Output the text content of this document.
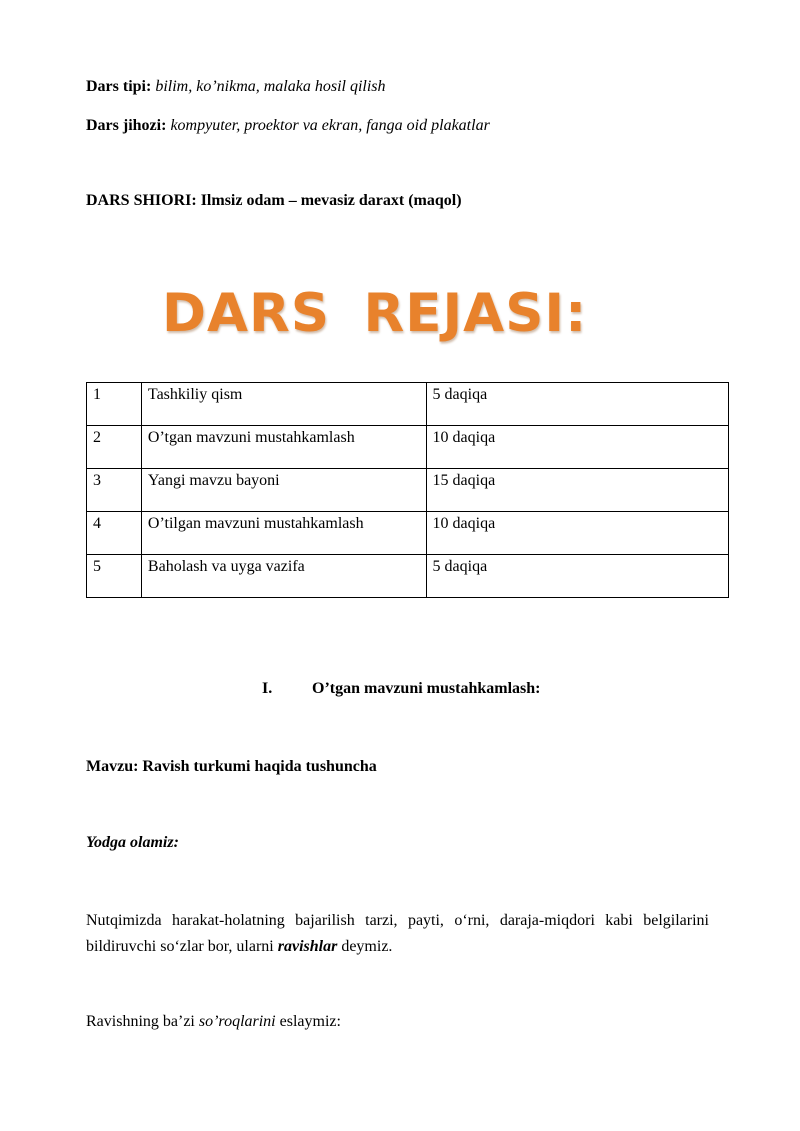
Dars tipi: bilim, ko’nikma, malaka hosil qilish
Dars jihozi: kompyuter, proektor va ekran, fanga oid plakatlar
DARS SHIORI: Ilmsiz odam – mevasiz daraxt (maqol)
DARS REJASI:
1	Tashkiliy qism	5 daqiqa
2	O’tgan mavzuni mustahkamlash	10 daqiqa
3	Yangi mavzu bayoni	15 daqiqa
4	O’tilgan mavzuni mustahkamlash	10 daqiqa
5	Baholash va uyga vazifa	5 daqiqa
I. O’tgan mavzuni mustahkamlash:
Mavzu: Ravish turkumi haqida tushuncha
Yodga olamiz:
Nutqimizda harakat-holatning bajarilish tarzi, payti, o‘rni, daraja-miqdori kabi belgilarini bildiruvchi so‘zlar bor, ularni ravishlar deymiz.
Ravishning ba’zi so’roqlarini eslaymiz:
